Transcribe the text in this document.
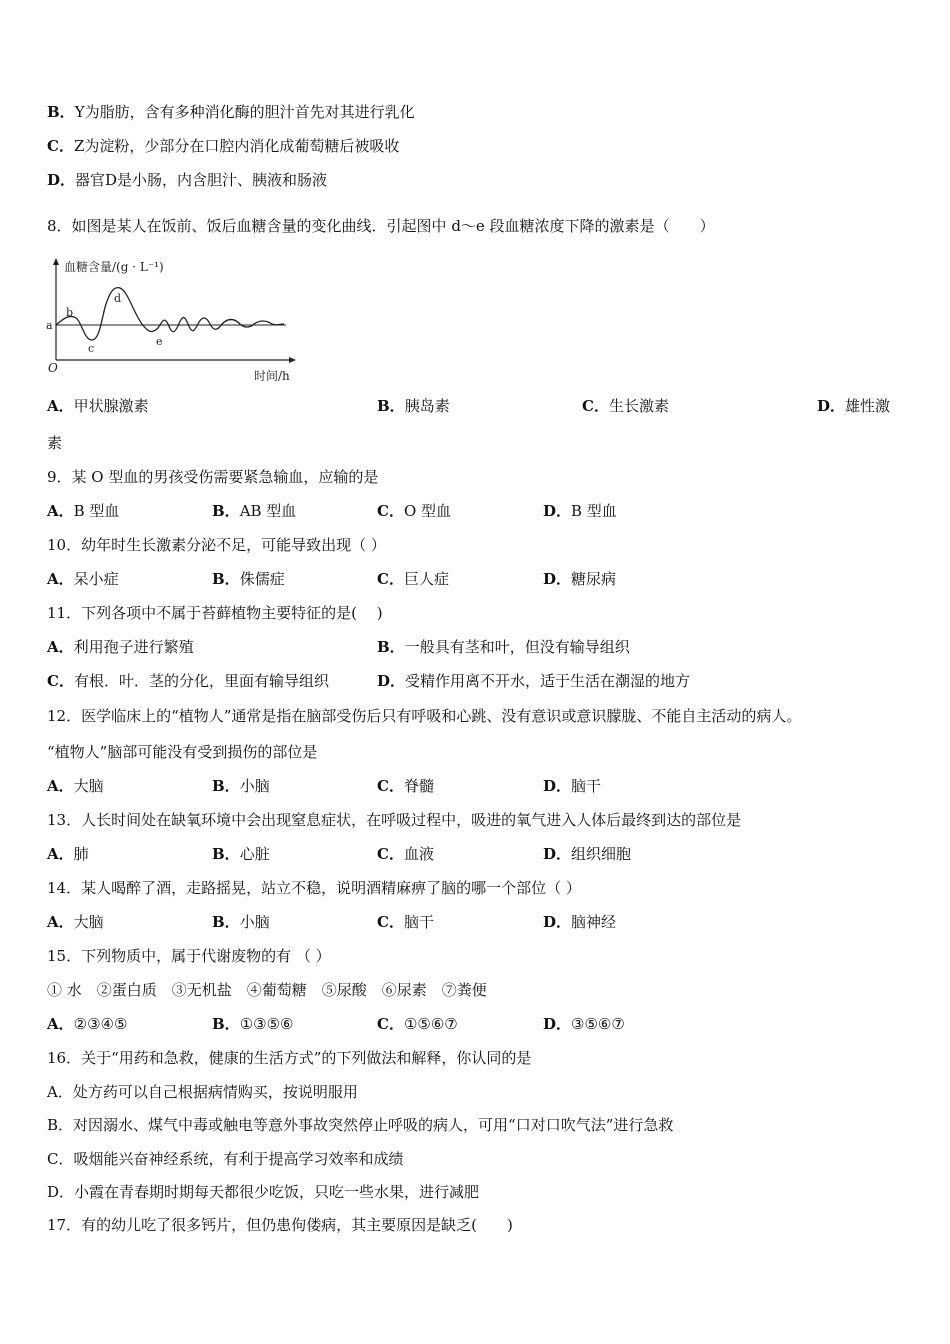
B．Y为脂肪，含有多种消化酶的胆汁首先对其进行乳化
C．Z为淀粉，少部分在口腔内消化成葡萄糖后被吸收
D．器官D是小肠，内含胆汁、胰液和肠液
8．如图是某人在饭前、饭后血糖含量的变化曲线．引起图中 d～e 段血糖浓度下降的激素是（　　）
血糖含量/(g · L⁻¹)
a
b
c
d
e
O
时间/h
A．甲状腺激素	B．胰岛素	C．生长激素	D．雄性激
素
9．某 O 型血的男孩受伤需要紧急输血，应输的是
A．B 型血	B．AB 型血	C．O 型血	D．B 型血
10．幼年时生长激素分泌不足，可能导致出现（ ）
A．呆小症	B．侏儒症	C．巨人症	D．糖尿病
11．下列各项中不属于苔藓植物主要特征的是(　 )
A．利用孢子进行繁殖	B．一般具有茎和叶，但没有输导组织
C．有根．叶．茎的分化，里面有输导组织	D．受精作用离不开水，适于生活在潮湿的地方
12．医学临床上的“植物人”通常是指在脑部受伤后只有呼吸和心跳、没有意识或意识朦胧、不能自主活动的病人。
“植物人”脑部可能没有受到损伤的部位是
A．大脑	B．小脑	C．脊髓	D．脑干
13．人长时间处在缺氧环境中会出现窒息症状，在呼吸过程中，吸进的氧气进入人体后最终到达的部位是
A．肺	B．心脏	C．血液	D．组织细胞
14．某人喝醉了酒，走路摇晃，站立不稳，说明酒精麻痹了脑的哪一个部位（ ）
A．大脑	B．小脑	C．脑干	D．脑神经
15．下列物质中，属于代谢废物的有 （ ）
① 水　②蛋白质　③无机盐　④葡萄糖　⑤尿酸　⑥尿素　⑦粪便
A．②③④⑤	B．①③⑤⑥	C．①⑤⑥⑦	D．③⑤⑥⑦
16．关于“用药和急救，健康的生活方式”的下列做法和解释，你认同的是
A．处方药可以自己根据病情购买，按说明服用
B．对因溺水、煤气中毒或触电等意外事故突然停止呼吸的病人，可用“口对口吹气法”进行急救
C．吸烟能兴奋神经系统，有利于提高学习效率和成绩
D．小霞在青春期时期每天都很少吃饭，只吃一些水果，进行减肥
17．有的幼儿吃了很多钙片，但仍患佝偻病，其主要原因是缺乏(　　)
